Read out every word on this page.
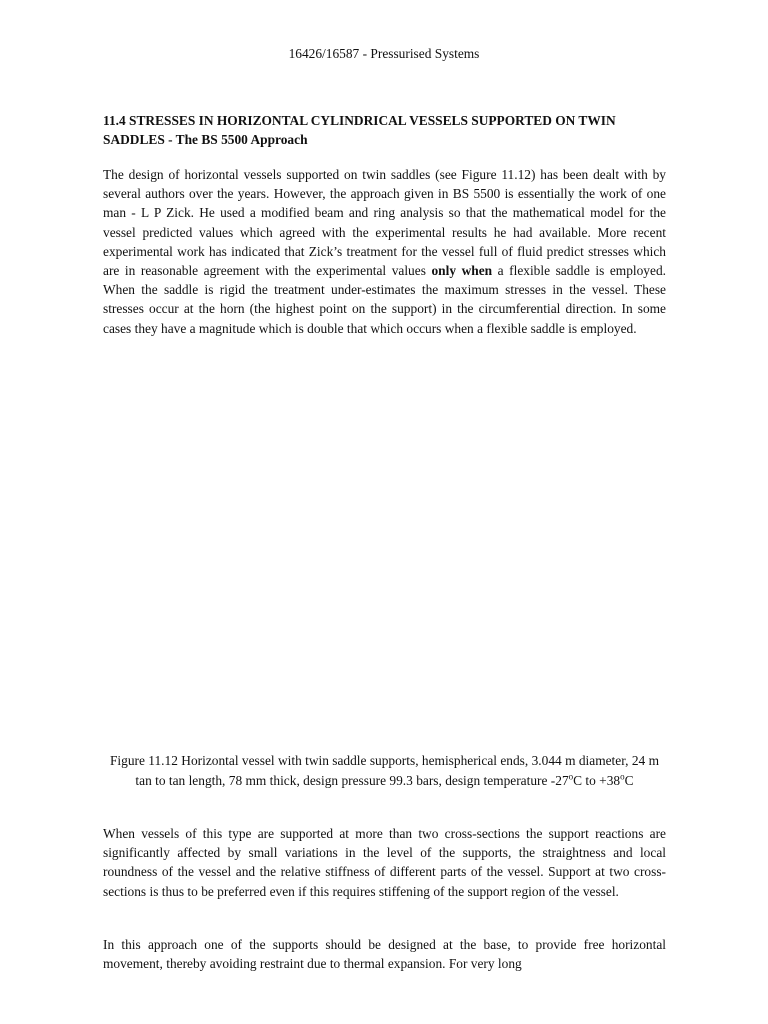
16426/16587 - Pressurised Systems
11.4 STRESSES IN HORIZONTAL CYLINDRICAL VESSELS SUPPORTED ON TWIN SADDLES - The BS 5500 Approach

The design of horizontal vessels supported on twin saddles (see Figure 11.12) has been dealt with by several authors over the years. However, the approach given in BS 5500 is essentially the work of one man - L P Zick. He used a modified beam and ring analysis so that the mathematical model for the vessel predicted values which agreed with the experimental results he had available. More recent experimental work has indicated that Zick’s treatment for the vessel full of fluid predict stresses which are in reasonable agreement with the experimental values only when a flexible saddle is employed. When the saddle is rigid the treatment under-estimates the maximum stresses in the vessel. These stresses occur at the horn (the highest point on the support) in the circumferential direction. In some cases they have a magnitude which is double that which occurs when a flexible saddle is employed.

Figure 11.12 Horizontal vessel with twin saddle supports, hemispherical ends, 3.044 m diameter, 24 m tan to tan length, 78 mm thick, design pressure 99.3 bars, design temperature -27$^o$C to $+38^oC$

When vessels of this type are supported at more than two cross-sections the support reactions are significantly affected by small variations in the level of the supports, the straightness and local roundness of the vessel and the relative stiffness of different parts of the vessel. Support at two cross-sections is thus to be preferred even if this requires stiffening of the support region of the vessel.

In this approach one of the supports should be designed at the base, to provide free horizontal movement, thereby avoiding restraint due to thermal expansion. For very long
